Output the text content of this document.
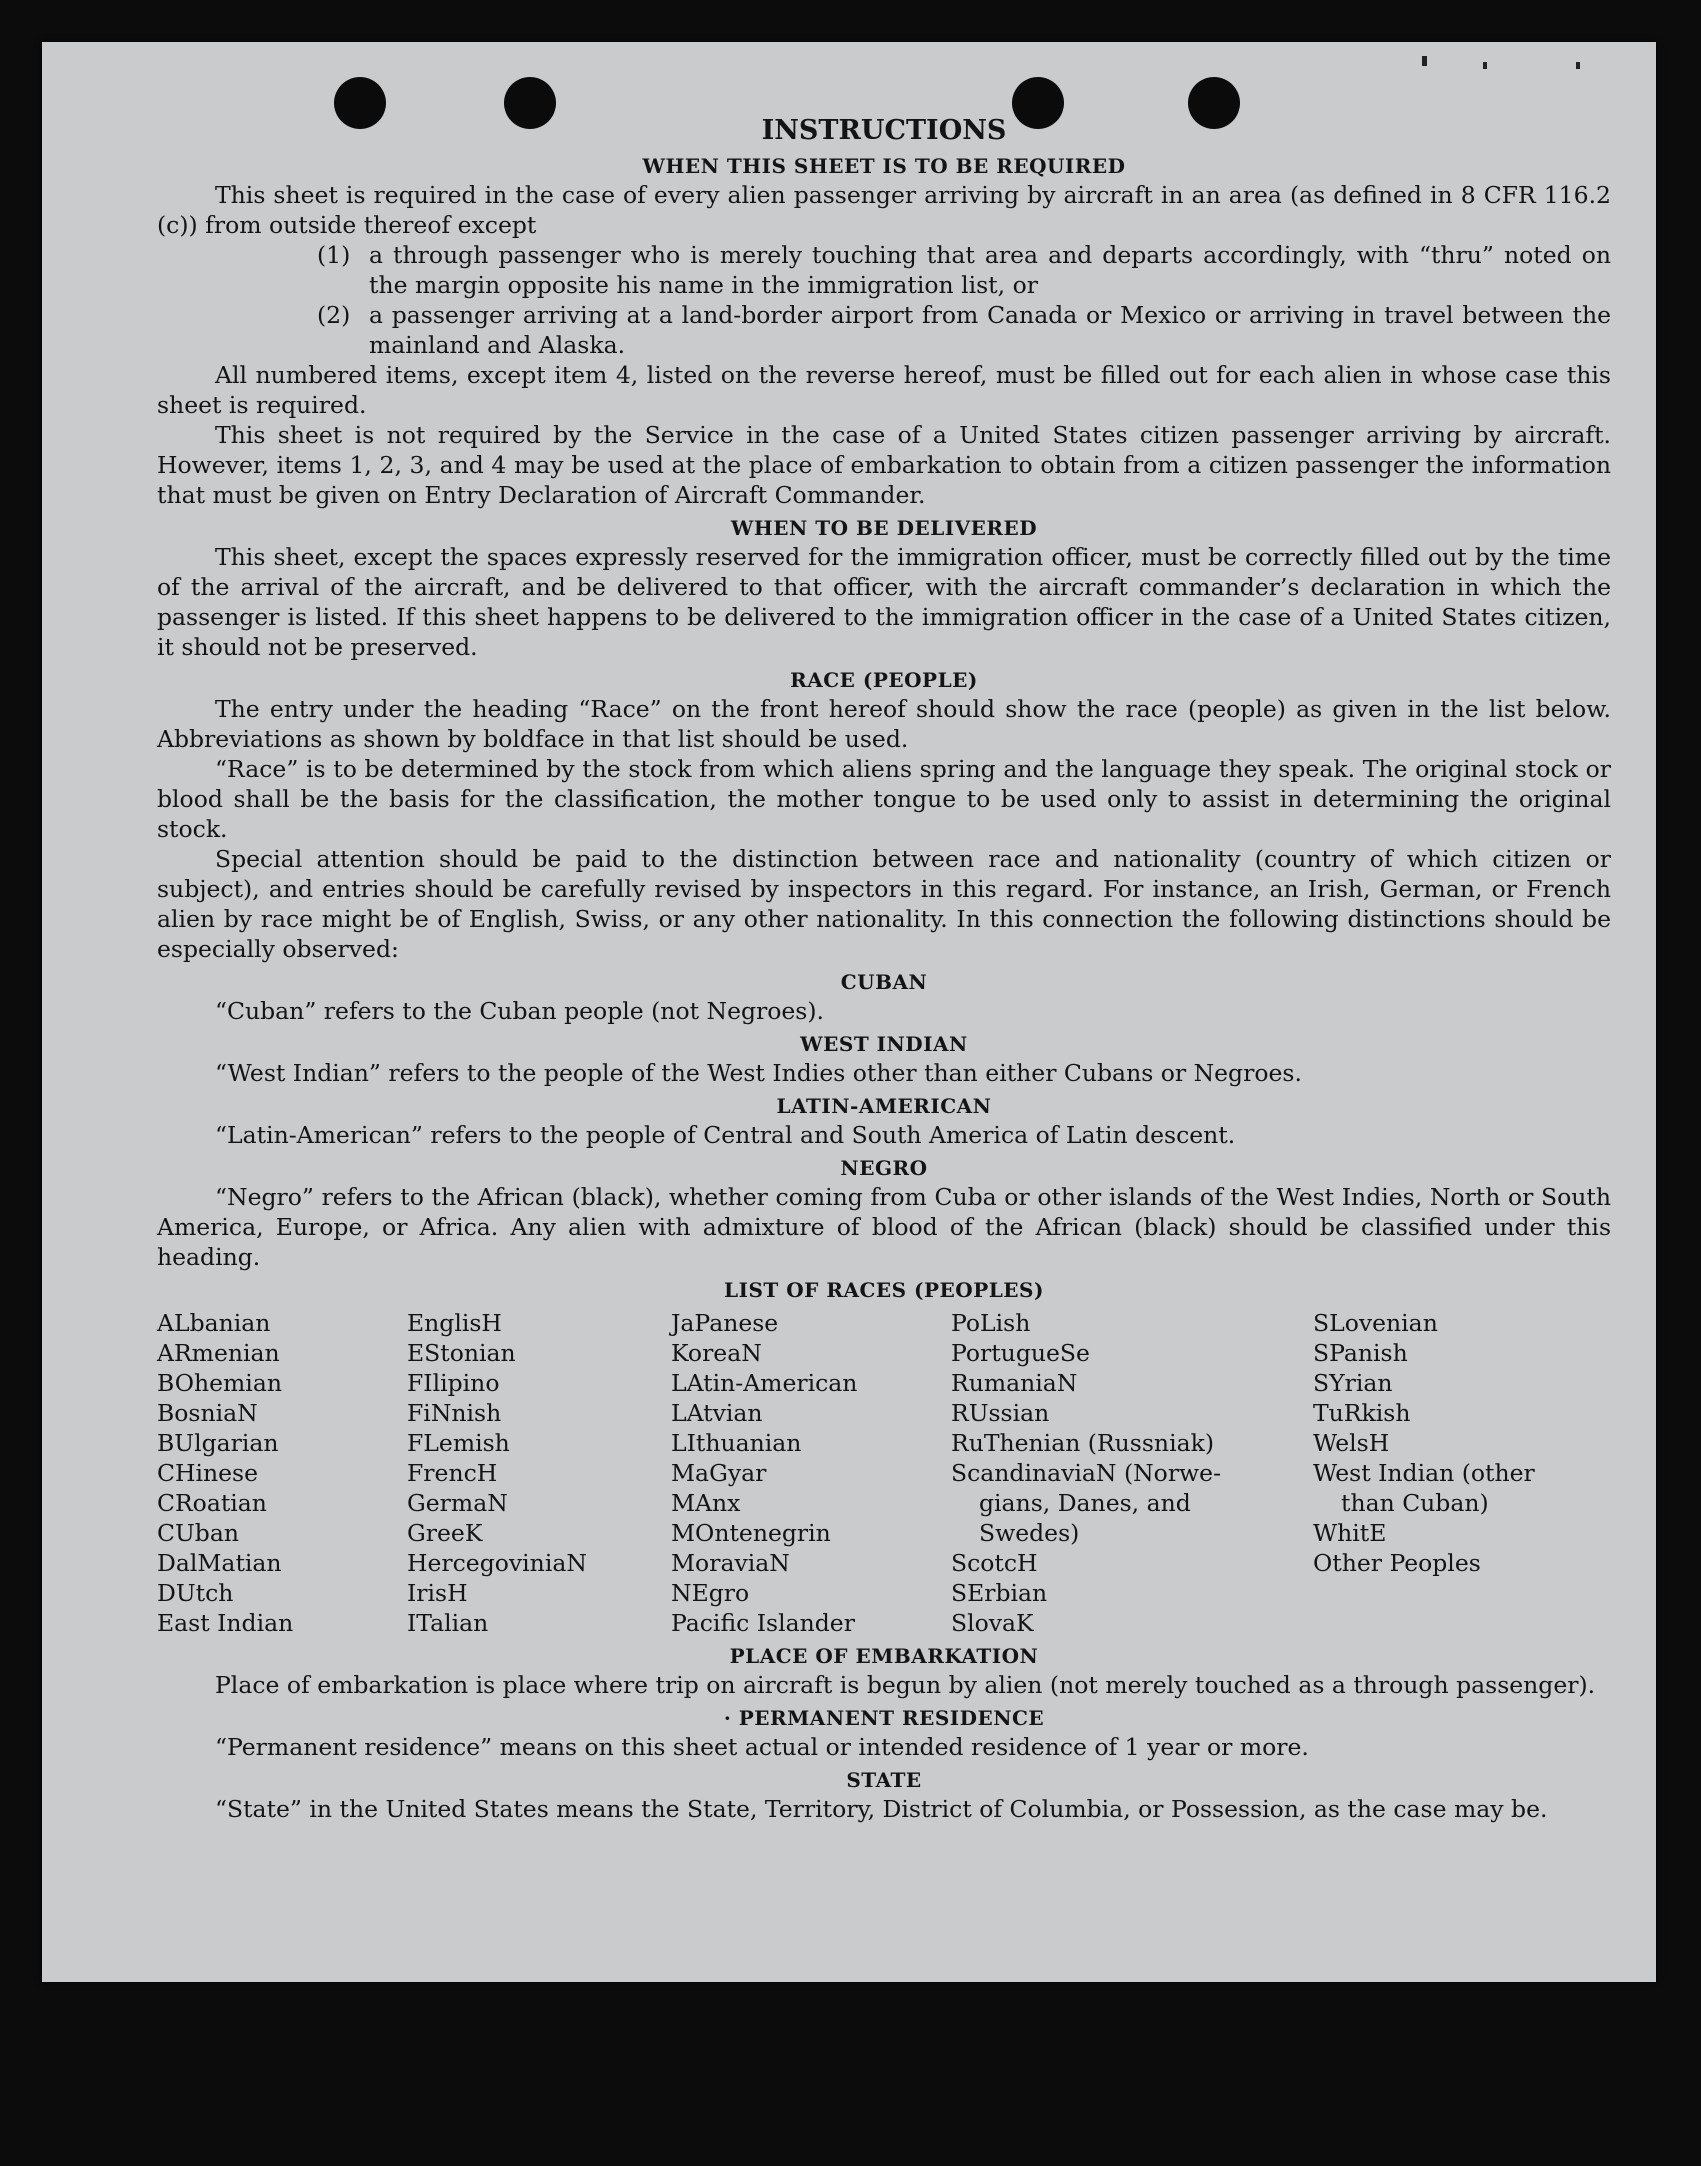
INSTRUCTIONS
WHEN THIS SHEET IS TO BE REQUIRED

This sheet is required in the case of every alien passenger arriving by aircraft in an area (as defined in 8 CFR 116.2 (c)) from outside thereof except

(1) a through passenger who is merely touching that area and departs accordingly, with “thru” noted on the margin opposite his name in the immigration list, or
(2) a passenger arriving at a land-border airport from Canada or Mexico or arriving in travel between the mainland and Alaska.

All numbered items, except item 4, listed on the reverse hereof, must be filled out for each alien in whose case this sheet is required.

This sheet is not required by the Service in the case of a United States citizen passenger arriving by aircraft. However, items 1, 2, 3, and 4 may be used at the place of embarkation to obtain from a citizen passenger the information that must be given on Entry Declaration of Aircraft Commander.

WHEN TO BE DELIVERED

This sheet, except the spaces expressly reserved for the immigration officer, must be correctly filled out by the time of the arrival of the aircraft, and be delivered to that officer, with the aircraft commander’s declaration in which the passenger is listed. If this sheet happens to be delivered to the immigration officer in the case of a United States citizen, it should not be preserved.

RACE (PEOPLE)

The entry under the heading “Race” on the front hereof should show the race (people) as given in the list below. Abbreviations as shown by boldface in that list should be used.

“Race” is to be determined by the stock from which aliens spring and the language they speak. The original stock or blood shall be the basis for the classification, the mother tongue to be used only to assist in determining the original stock.

Special attention should be paid to the distinction between race and nationality (country of which citizen or subject), and entries should be carefully revised by inspectors in this regard. For instance, an Irish, German, or French alien by race might be of English, Swiss, or any other nationality. In this connection the following distinctions should be especially observed:

CUBAN

“Cuban” refers to the Cuban people (not Negroes).

WEST INDIAN

“West Indian” refers to the people of the West Indies other than either Cubans or Negroes.

LATIN-AMERICAN

“Latin-American” refers to the people of Central and South America of Latin descent.

NEGRO

“Negro” refers to the African (black), whether coming from Cuba or other islands of the West Indies, North or South America, Europe, or Africa. Any alien with admixture of blood of the African (black) should be classified under this heading.

LIST OF RACES (PEOPLES)
ALbanian
ARmenian
BOhemian
BosniaN
BUlgarian
CHinese
CRoatian
CUban
DalMatian
DUtch
East Indian
EnglisH
EStonian
FIlipino
FiNnish
FLemish
FrencH
GermaN
GreeK
HercegoviniaN
IrisH
ITalian
JaPanese
KoreaN
LAtin-American
LAtvian
LIthuanian
MaGyar
MAnx
MOntenegrin
MoraviaN
NEgro
Pacific Islander
PoLish
PortugueSe
RumaniaN
RUssian
RuThenian (Russniak)
ScandinaviaN (Norwe-
gians, Danes, and
Swedes)
ScotcH
SErbian
SlovaK
SLovenian
SPanish
SYrian
TuRkish
WelsH
West Indian (other
than Cuban)
WhitE
Other Peoples
PLACE OF EMBARKATION

Place of embarkation is place where trip on aircraft is begun by alien (not merely touched as a through passenger).

· PERMANENT RESIDENCE

“Permanent residence” means on this sheet actual or intended residence of 1 year or more.

STATE

“State” in the United States means the State, Territory, District of Columbia, or Possession, as the case may be.
